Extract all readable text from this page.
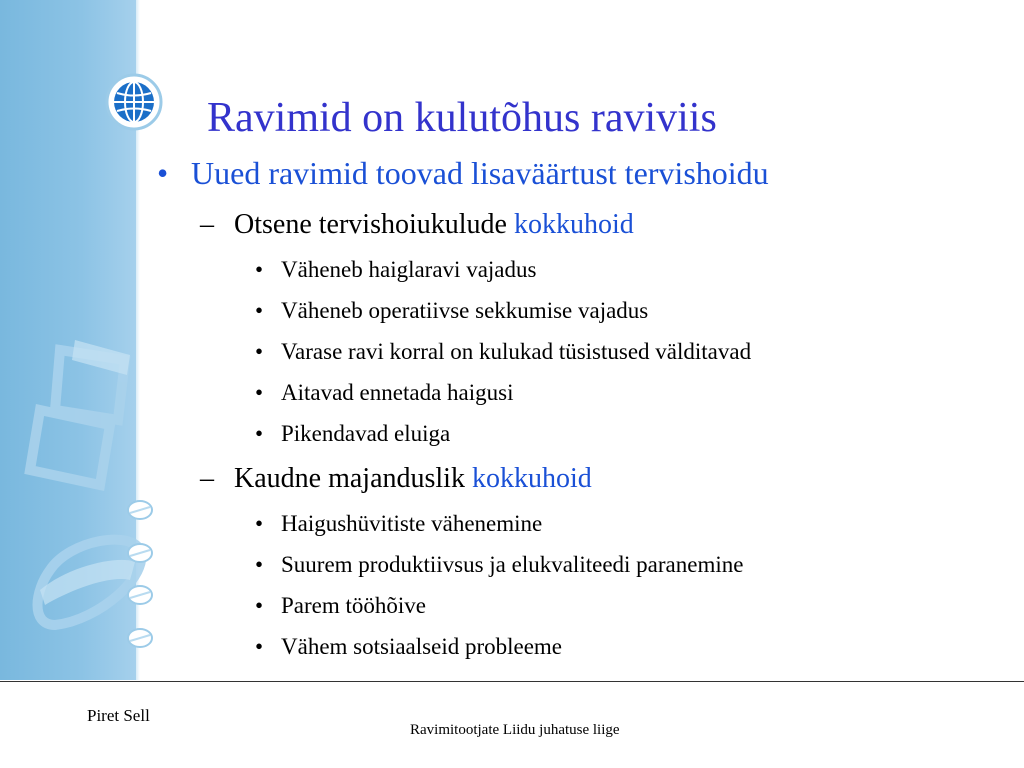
Ravimid on kulutõhus raviviis
• Uued ravimid toovad lisaväärtust tervishoidu
– Otsene tervishoiukulude kokkuhoid
• Väheneb haiglaravi vajadus
• Väheneb operatiivse sekkumise vajadus
• Varase ravi korral on kulukad tüsistused välditavad
• Aitavad ennetada haigusi
• Pikendavad eluiga
– Kaudne majanduslik kokkuhoid
• Haigushüvitiste vähenemine
• Suurem produktiivsus ja elukvaliteedi paranemine
• Parem tööhõive
• Vähem sotsiaalseid probleeme
Piret Sell
Ravimitootjate Liidu juhatuse liige
